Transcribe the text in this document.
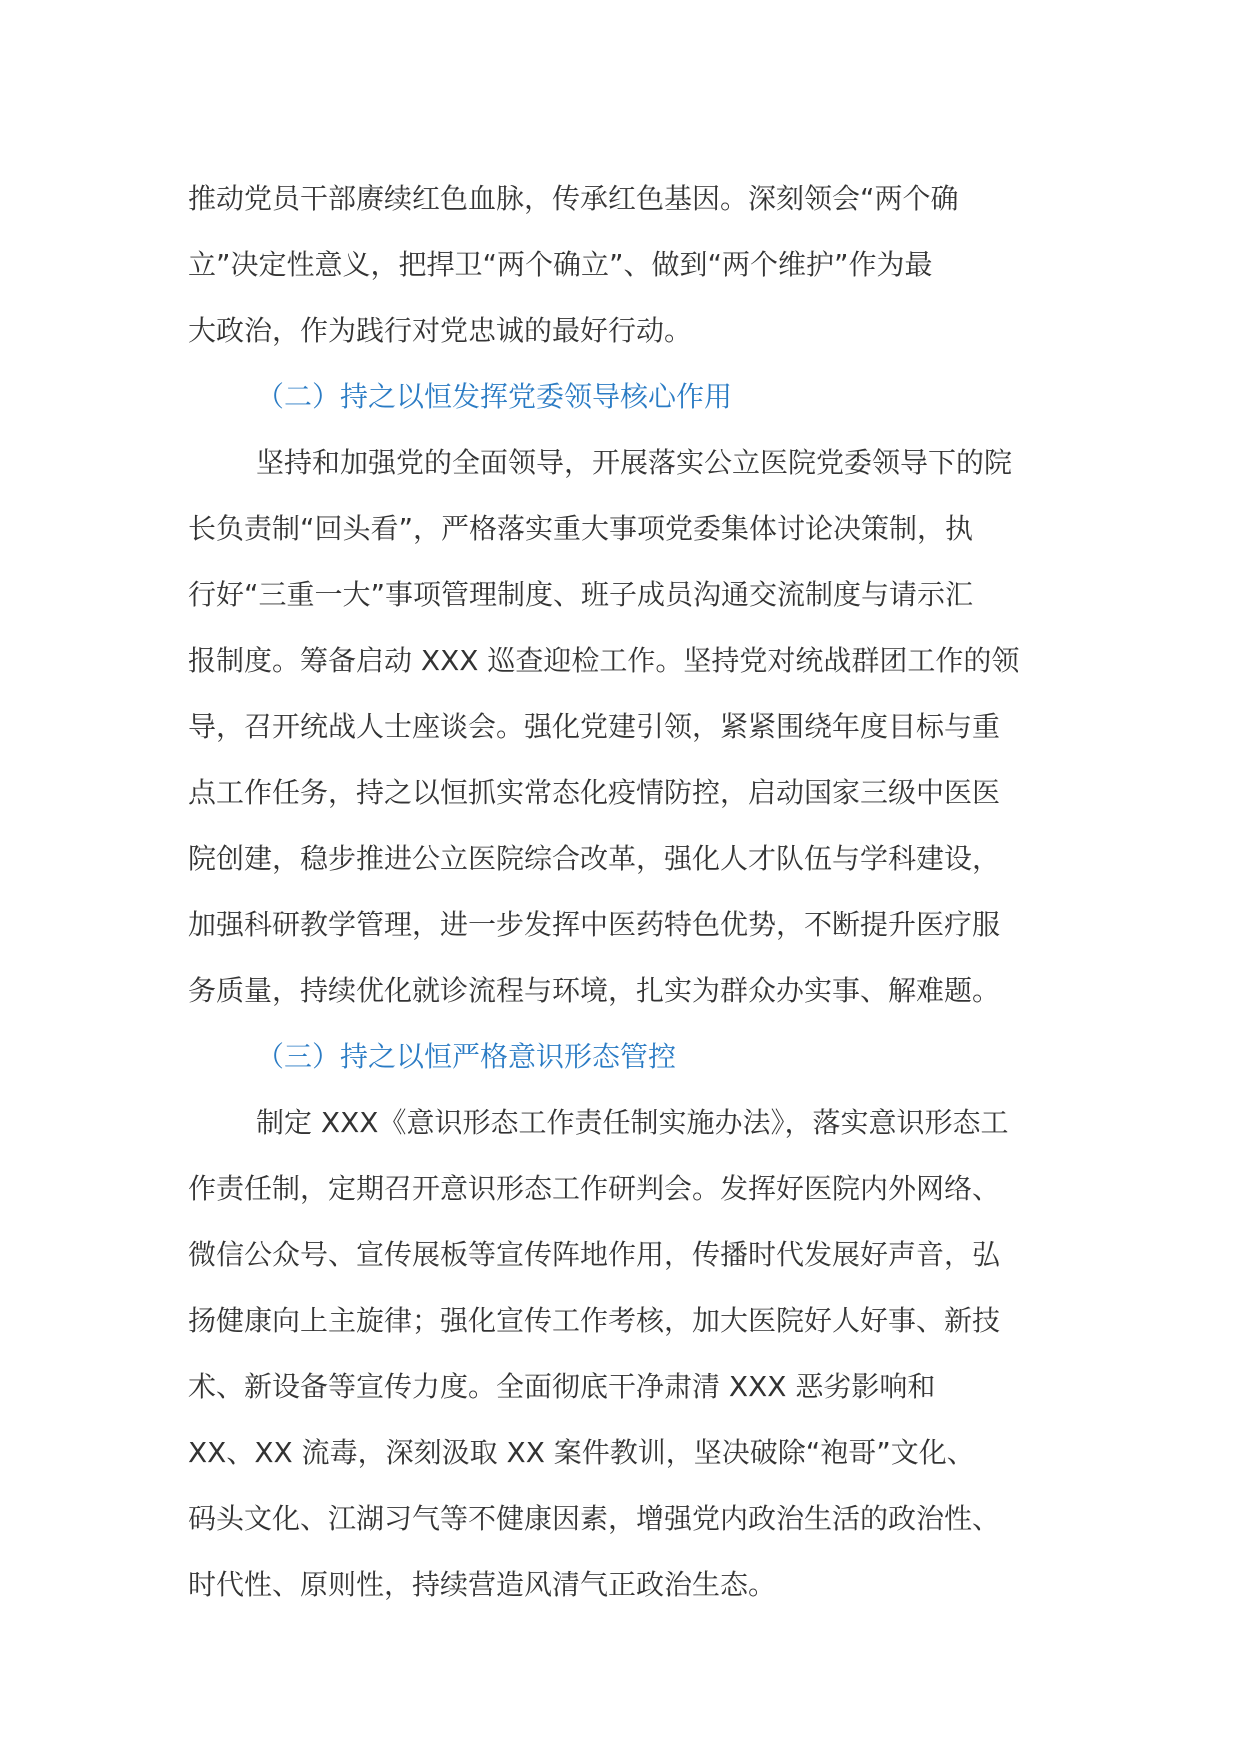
推动党员干部赓续红色血脉，传承红色基因。深刻领会“两个确
立”决定性意义，把捍卫“两个确立”、做到“两个维护”作为最
大政治，作为践行对党忠诚的最好行动。
（二）持之以恒发挥党委领导核心作用
坚持和加强党的全面领导，开展落实公立医院党委领导下的院
长负责制“回头看”，严格落实重大事项党委集体讨论决策制，执
行好“三重一大”事项管理制度、班子成员沟通交流制度与请示汇
报制度。筹备启动 XXX 巡查迎检工作。坚持党对统战群团工作的领
导，召开统战人士座谈会。强化党建引领，紧紧围绕年度目标与重
点工作任务，持之以恒抓实常态化疫情防控，启动国家三级中医医
院创建，稳步推进公立医院综合改革，强化人才队伍与学科建设，
加强科研教学管理，进一步发挥中医药特色优势，不断提升医疗服
务质量，持续优化就诊流程与环境，扎实为群众办实事、解难题。
（三）持之以恒严格意识形态管控
制定 XXX《意识形态工作责任制实施办法》，落实意识形态工
作责任制，定期召开意识形态工作研判会。发挥好医院内外网络、
微信公众号、宣传展板等宣传阵地作用，传播时代发展好声音，弘
扬健康向上主旋律；强化宣传工作考核，加大医院好人好事、新技
术、新设备等宣传力度。全面彻底干净肃清 XXX 恶劣影响和
XX、XX 流毒，深刻汲取 XX 案件教训，坚决破除“袍哥”文化、
码头文化、江湖习气等不健康因素，增强党内政治生活的政治性、
时代性、原则性，持续营造风清气正政治生态。
